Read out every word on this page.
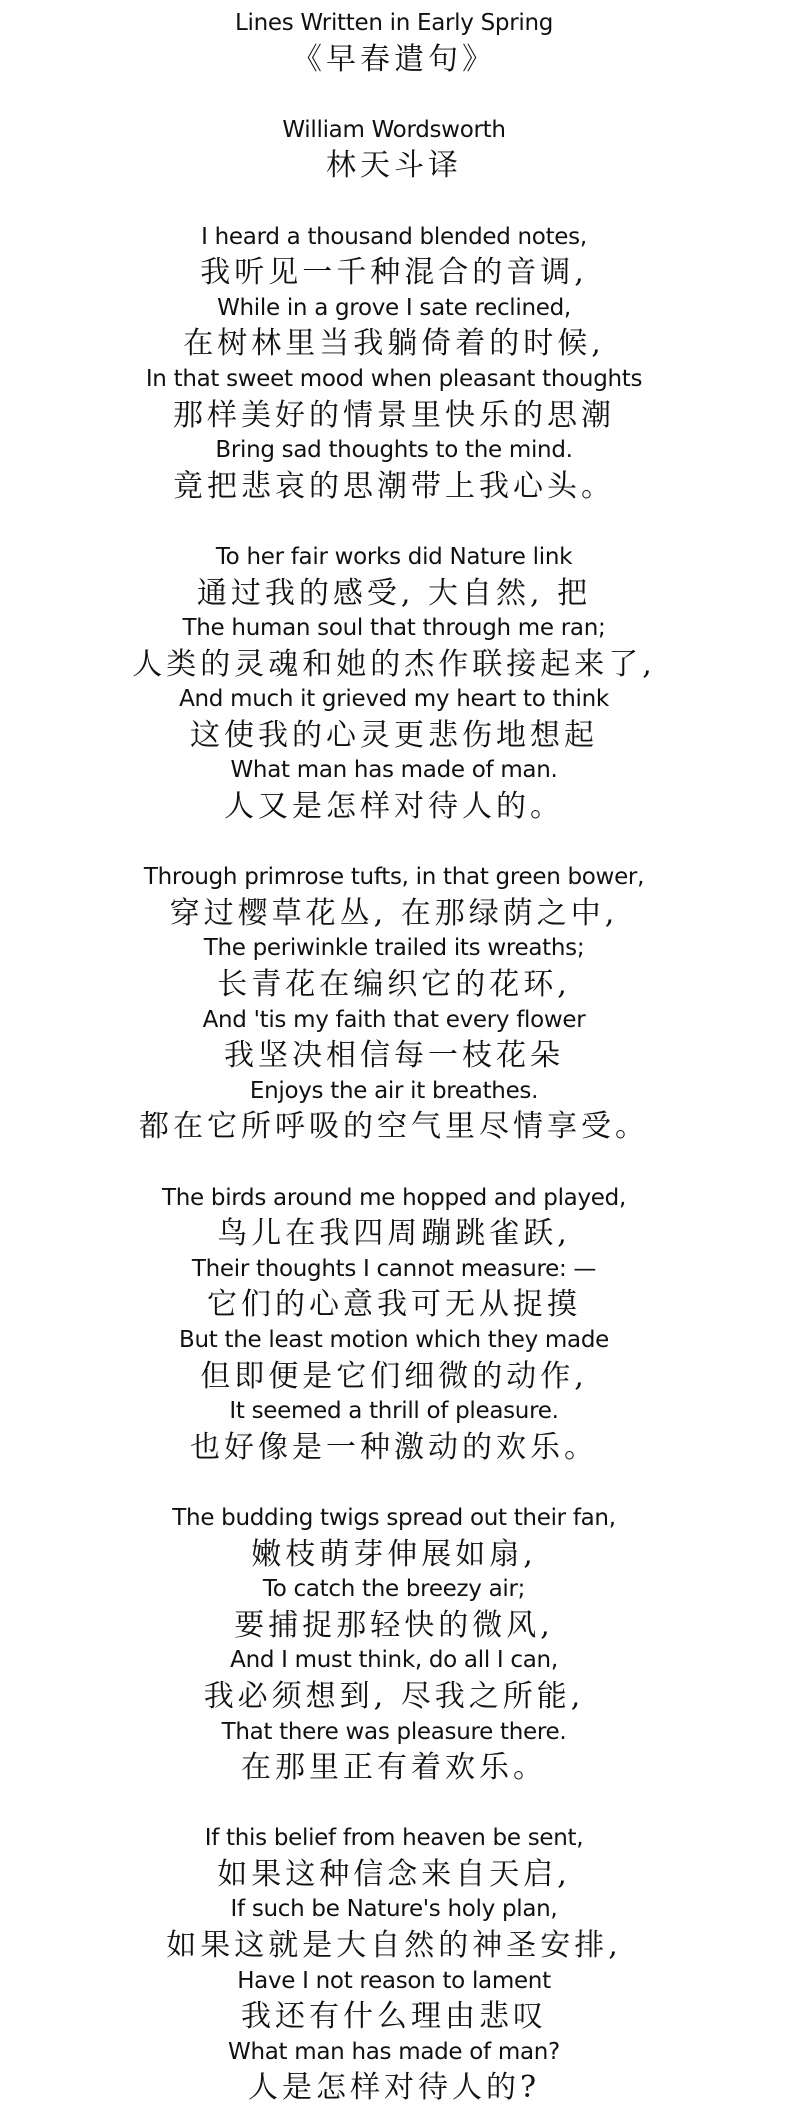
Lines Written in Early Spring
《早春遣句》
William Wordsworth
林天斗译
I heard a thousand blended notes,
我听见一千种混合的音调,
While in a grove I sate reclined,
在树林里当我躺倚着的时候,
In that sweet mood when pleasant thoughts
那样美好的情景里快乐的思潮
Bring sad thoughts to the mind.
竟把悲哀的思潮带上我心头。
To her fair works did Nature link
通过我的感受, 大自然, 把
The human soul that through me ran;
人类的灵魂和她的杰作联接起来了,
And much it grieved my heart to think
这使我的心灵更悲伤地想起
What man has made of man.
人又是怎样对待人的。
Through primrose tufts, in that green bower,
穿过樱草花丛, 在那绿荫之中,
The periwinkle trailed its wreaths;
长青花在编织它的花环,
And 'tis my faith that every flower
我坚决相信每一枝花朵
Enjoys the air it breathes.
都在它所呼吸的空气里尽情享受。
The birds around me hopped and played,
鸟儿在我四周蹦跳雀跃,
Their thoughts I cannot measure: —
它们的心意我可无从捉摸
But the least motion which they made
但即便是它们细微的动作,
It seemed a thrill of pleasure.
也好像是一种激动的欢乐。
The budding twigs spread out their fan,
嫩枝萌芽伸展如扇,
To catch the breezy air;
要捕捉那轻快的微风,
And I must think, do all I can,
我必须想到, 尽我之所能,
That there was pleasure there.
在那里正有着欢乐。
If this belief from heaven be sent,
如果这种信念来自天启,
If such be Nature's holy plan,
如果这就是大自然的神圣安排,
Have I not reason to lament
我还有什么理由悲叹
What man has made of man?
人是怎样对待人的?
